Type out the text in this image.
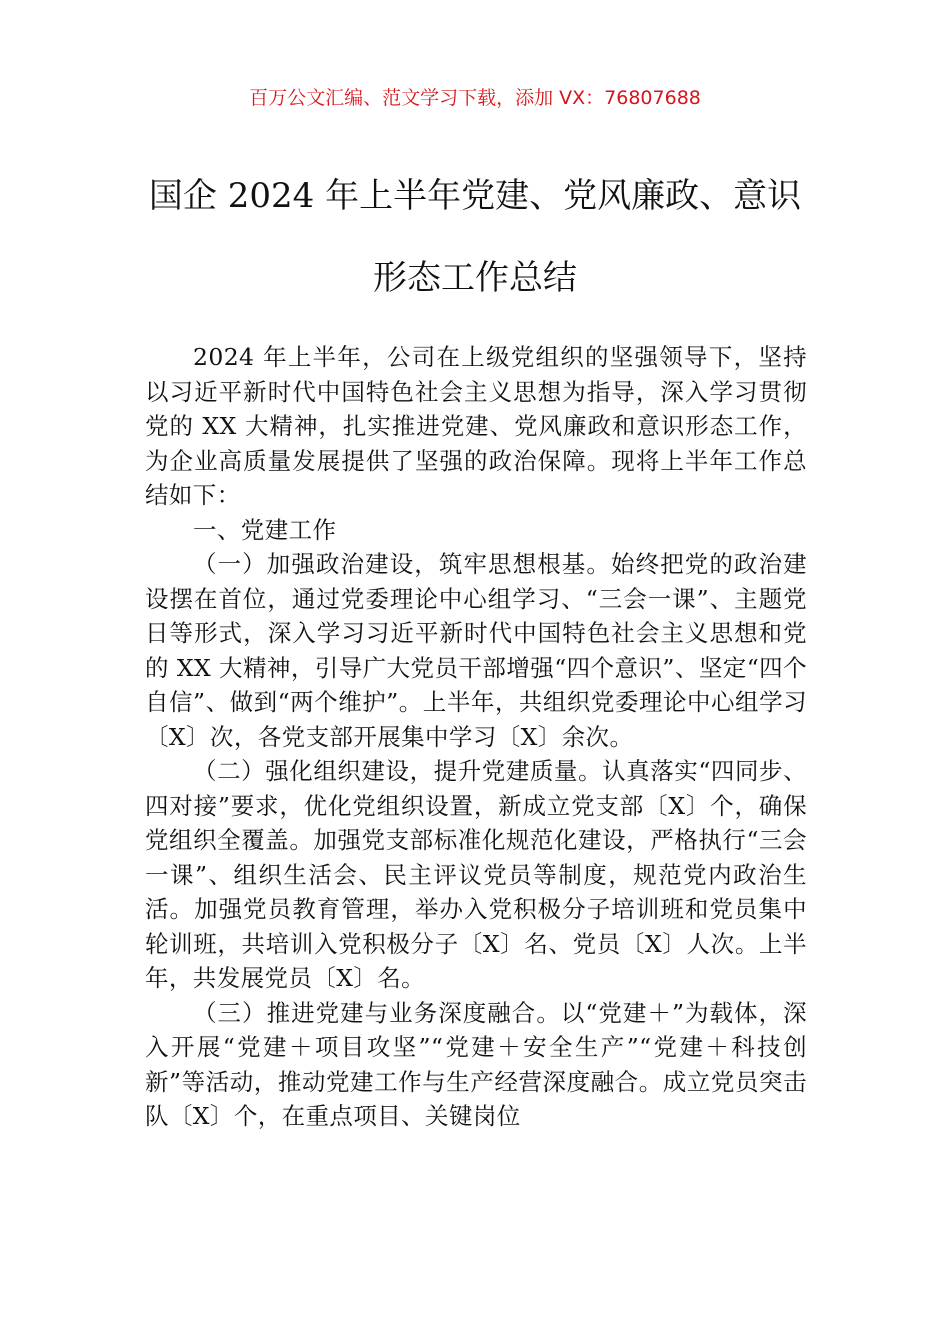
百万公文汇编、范文学习下载，添加 VX：76807688
国企 2024 年上半年党建、党风廉政、意识
形态工作总结

2024 年上半年，公司在上级党组织的坚强领导下，坚持以习近平新时代中国特色社会主义思想为指导，深入学习贯彻党的 XX 大精神，扎实推进党建、党风廉政和意识形态工作，为企业高质量发展提供了坚强的政治保障。现将上半年工作总结如下：

一、党建工作

（一）加强政治建设，筑牢思想根基。始终把党的政治建设摆在首位，通过党委理论中心组学习、“三会一课”、主题党日等形式，深入学习习近平新时代中国特色社会主义思想和党的 XX 大精神，引导广大党员干部增强“四个意识”、坚定“四个自信”、做到“两个维护”。上半年，共组织党委理论中心组学习〔X〕次，各党支部开展集中学习〔X〕余次。

（二）强化组织建设，提升党建质量。认真落实“四同步、四对接”要求，优化党组织设置，新成立党支部〔X〕个，确保党组织全覆盖。加强党支部标准化规范化建设，严格执行“三会一课”、组织生活会、民主评议党员等制度，规范党内政治生活。加强党员教育管理，举办入党积极分子培训班和党员集中轮训班，共培训入党积极分子〔X〕名、党员〔X〕人次。上半年，共发展党员〔X〕名。

（三）推进党建与业务深度融合。以“党建＋”为载体，深入开展“党建＋项目攻坚”“党建＋安全生产”“党建＋科技创新”等活动，推动党建工作与生产经营深度融合。成立党员突击队〔X〕个，在重点项目、关键岗位
